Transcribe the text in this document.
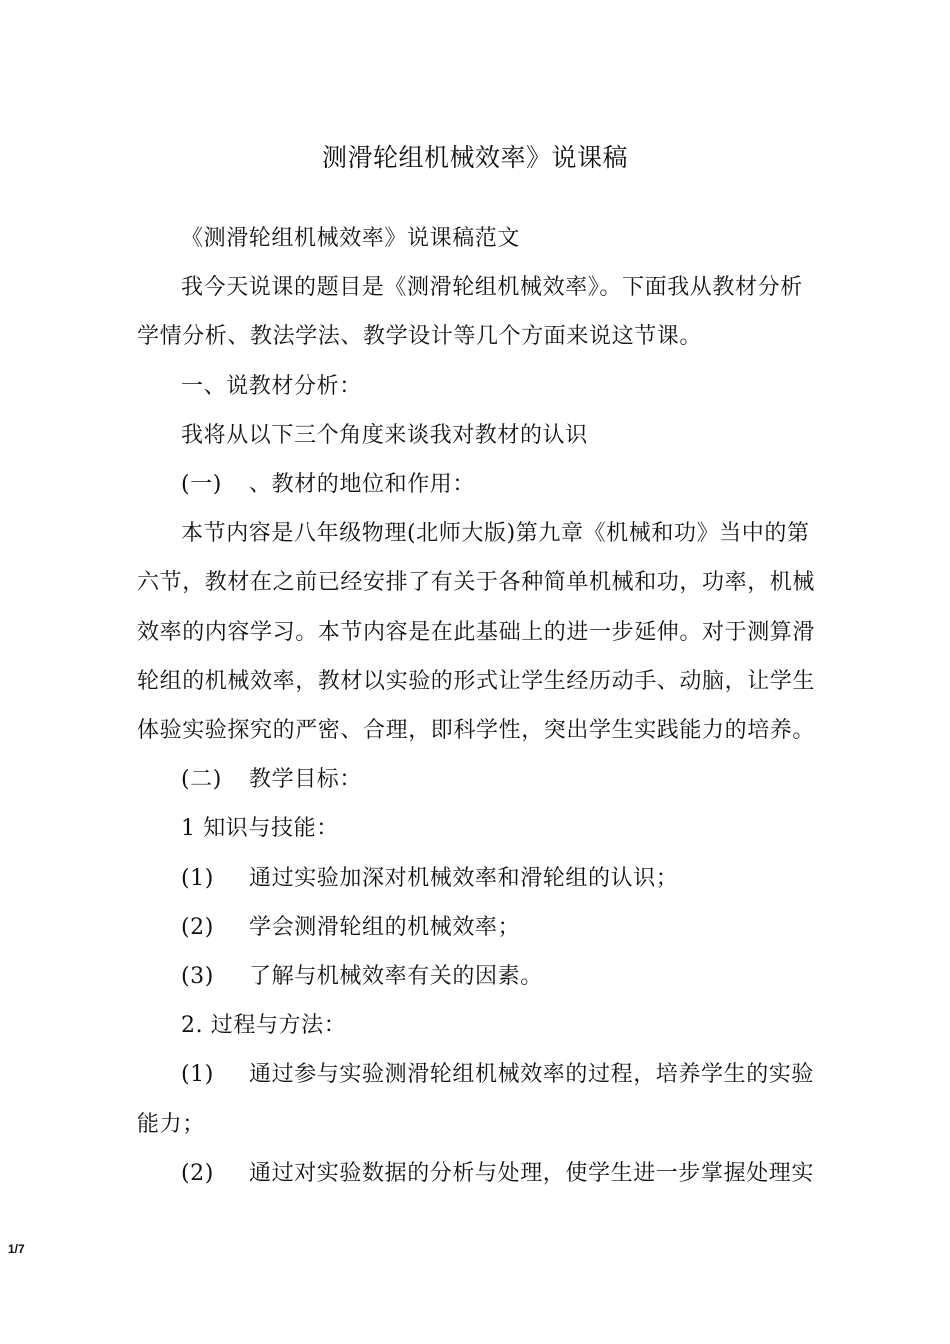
测滑轮组机械效率》说课稿

《测滑轮组机械效率》说课稿范文

我今天说课的题目是《测滑轮组机械效率》。下面我从教材分析

学情分析、教法学法、教学设计等几个方面来说这节课。

一、说教材分析：

我将从以下三个角度来谈我对教材的认识

(一) 、教材的地位和作用：

本节内容是八年级物理(北师大版)第九章《机械和功》当中的第

六节，教材在之前已经安排了有关于各种简单机械和功，功率，机械

效率的内容学习。本节内容是在此基础上的进一步延伸。对于测算滑

轮组的机械效率，教材以实验的形式让学生经历动手、动脑，让学生

体验实验探究的严密、合理，即科学性，突出学生实践能力的培养。

(二) 教学目标：

1 知识与技能：

(1) 通过实验加深对机械效率和滑轮组的认识；

(2) 学会测滑轮组的机械效率；

(3) 了解与机械效率有关的因素。

2. 过程与方法：

(1) 通过参与实验测滑轮组机械效率的过程，培养学生的实验

能力；

(2) 通过对实验数据的分析与处理，使学生进一步掌握处理实

1/7
